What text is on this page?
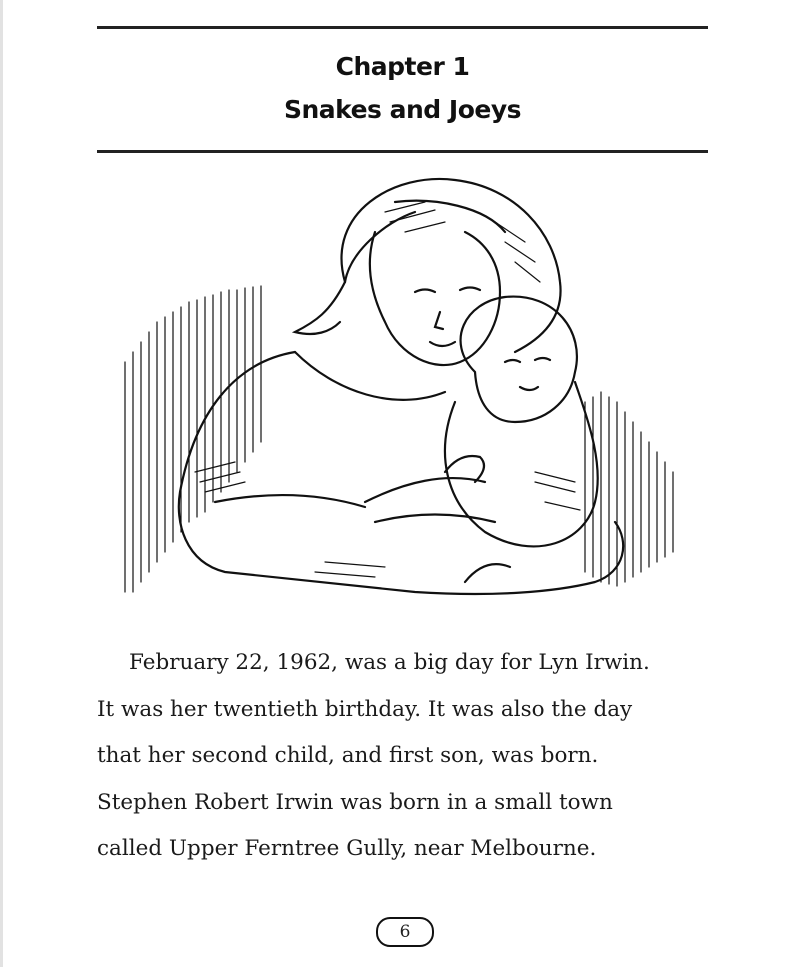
Chapter 1
Snakes and Joeys
February 22, 1962, was a big day for Lyn Irwin.
It was her twentieth birthday. It was also the day
that her second child, and first son, was born.
Stephen Robert Irwin was born in a small town
called Upper Ferntree Gully, near Melbourne.
6
